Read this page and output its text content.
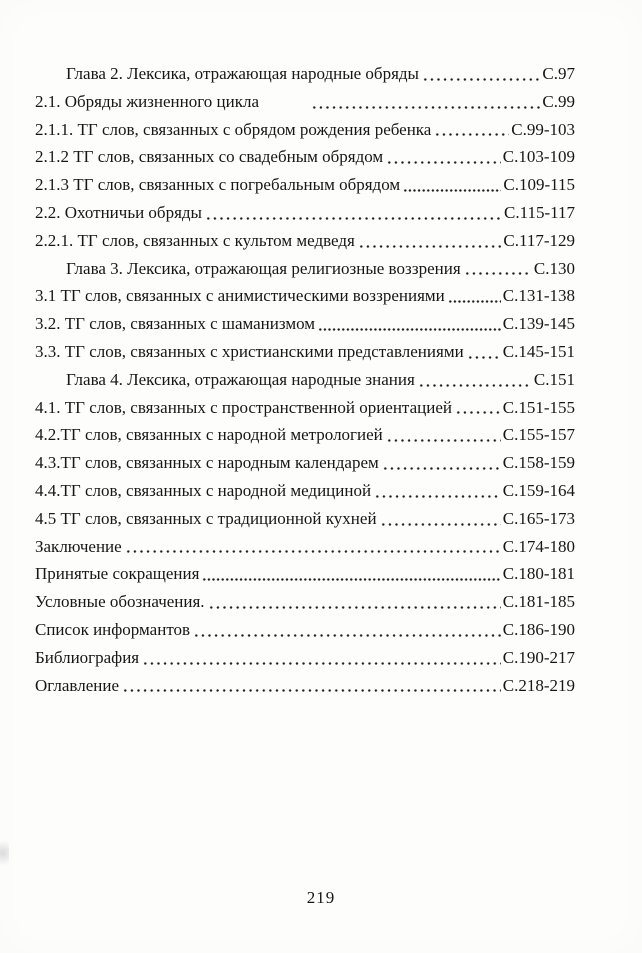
Глава 2. Лексика, отражающая народные обряды	С.97
2.1. Обряды жизненного цикла	С.99
2.1.1. ТГ слов, связанных с обрядом рождения ребенка	С.99-103
2.1.2 ТГ слов, связанных со свадебным обрядом	С.103-109
2.1.3 ТГ слов, связанных с погребальным обрядом	С.109-115
2.2. Охотничьи обряды	С.115-117
2.2.1. ТГ слов, связанных с культом медведя	С.117-129
Глава 3. Лексика, отражающая религиозные воззрения	С.130
3.1 ТГ слов, связанных с анимистическими воззрениями	С.131-138
3.2. ТГ слов, связанных с шаманизмом	С.139-145
3.3. ТГ слов, связанных с христианскими представлениями С.145-151
Глава 4. Лексика, отражающая народные знания	С.151
4.1. ТГ слов, связанных с пространственной ориентацией	С.151-155
4.2.ТГ слов, связанных с народной метрологией	С.155-157
4.3.ТГ слов, связанных с народным календарем	С.158-159
4.4.ТГ слов, связанных с народной медициной	С.159-164
4.5 ТГ слов, связанных с традиционной кухней	С.165-173
Заключение	С.174-180
Принятые сокращения	С.180-181
Условные обозначения.	С.181-185
Список информантов	С.186-190
Библиография	С.190-217
Оглавление	С.218-219
219
